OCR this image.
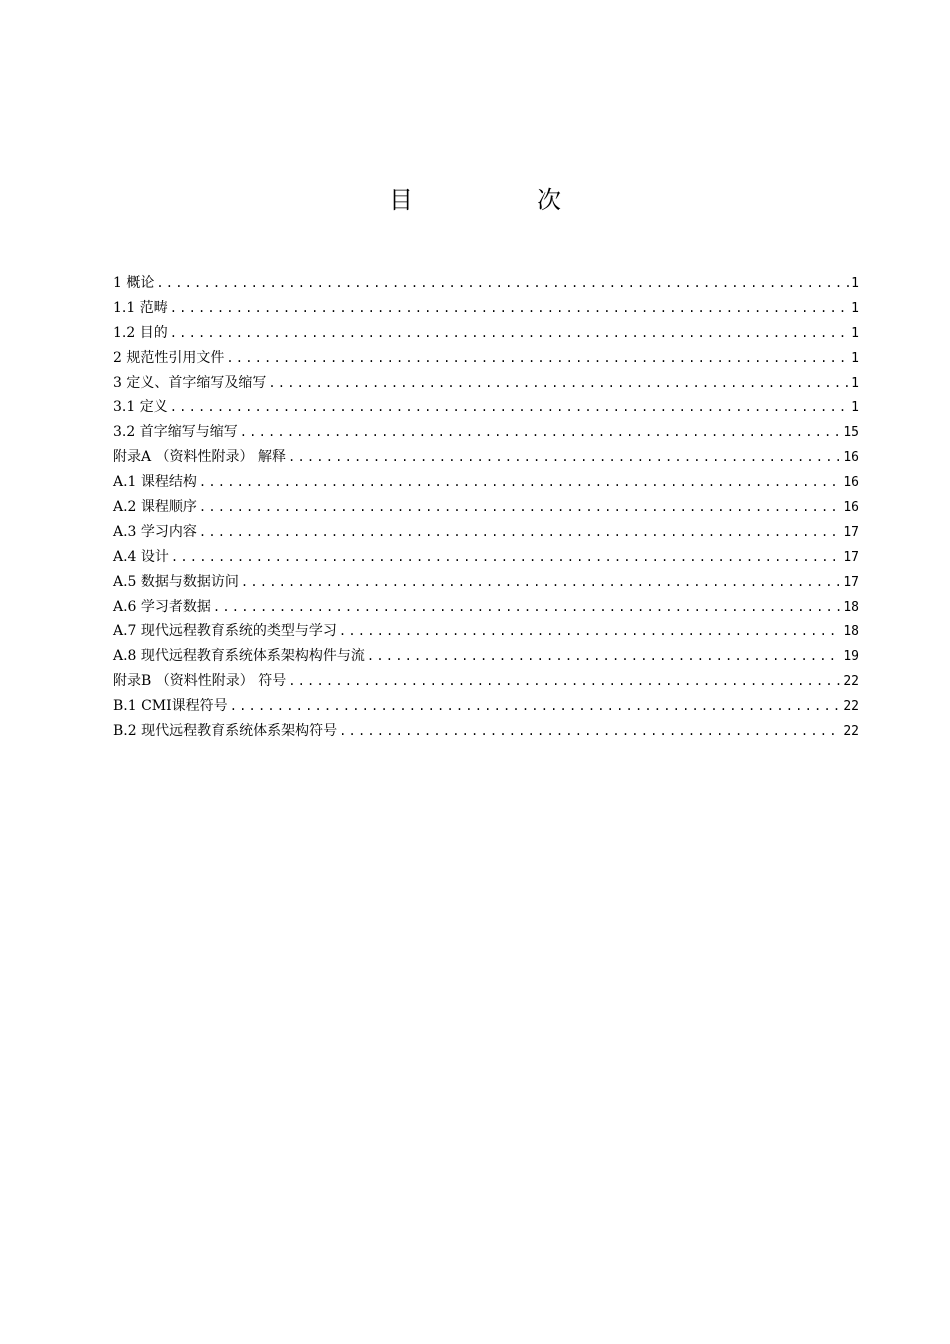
目　次
1 概论 .....	1
1.1 范畴 .....	1
1.2 目的 .....	1
2 规范性引用文件 .....	1
3 定义、首字缩写及缩写 .....	1
3.1 定义 .....	1
3.2 首字缩写与缩写 .....	15
附录A （资料性附录） 解释 .....	16
A.1 课程结构 .....	16
A.2 课程顺序 .....	16
A.3 学习内容 .....	17
A.4 设计 .....	17
A.5 数据与数据访问 .....	17
A.6 学习者数据 .....	18
A.7 现代远程教育系统的类型与学习 .....	18
A.8 现代远程教育系统体系架构构件与流 .....	19
附录B （资料性附录） 符号 .....	22
B.1 CMI课程符号 .....	22
B.2 现代远程教育系统体系架构符号 .....	22
